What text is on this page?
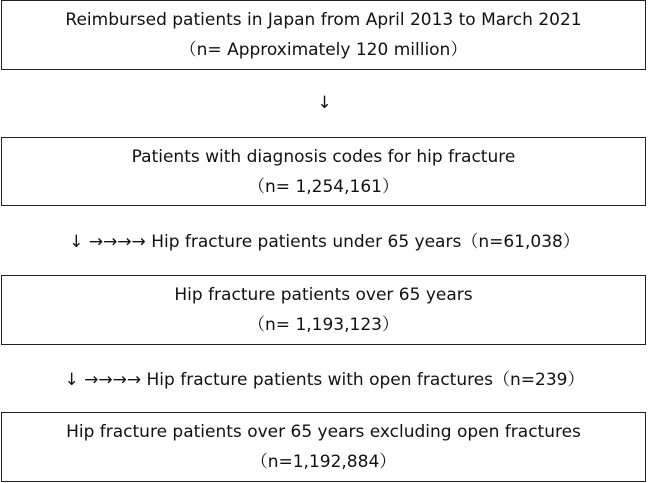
Reimbursed patients in Japan from April 2013 to March 2021
（n= Approximately 120 million）
↓
Patients with diagnosis codes for hip fracture
（n= 1,254,161）
↓ →→→→ Hip fracture patients under 65 years（n=61,038）
Hip fracture patients over 65 years
（n= 1,193,123）
↓ →→→→ Hip fracture patients with open fractures（n=239）
Hip fracture patients over 65 years excluding open fractures
（n=1,192,884）
